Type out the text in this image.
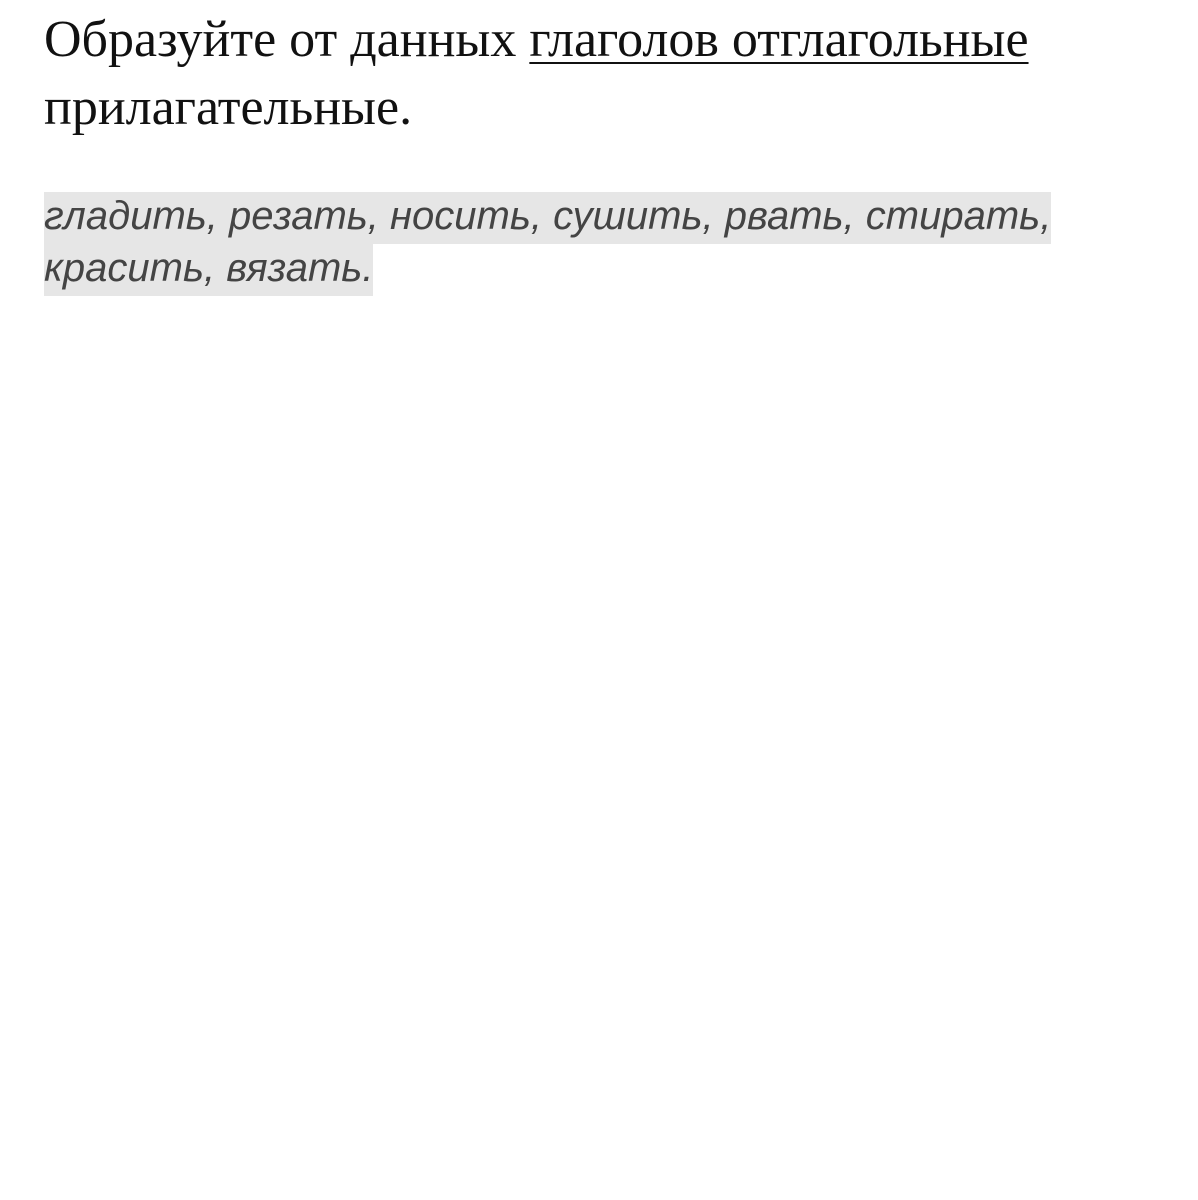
Образуйте от данных глаголов отглагольные прилагательные.

гладить, резать, носить, сушить, рвать, стирать, красить, вязать.
